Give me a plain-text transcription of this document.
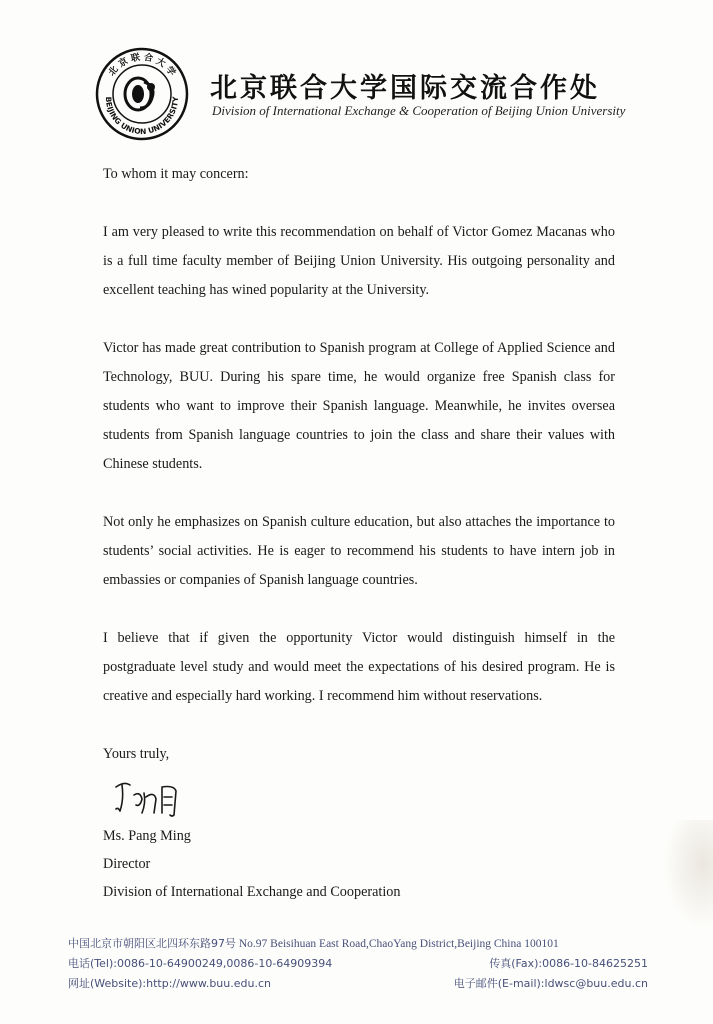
北 京 联 合 大 学
BEIJING UNION UNIVERSITY 北京联合大学国际交流合作处
Division of International Exchange & Cooperation of Beijing Union University

To whom it may concern:

I am very pleased to write this recommendation on behalf of Victor Gomez Macanas who is a full time faculty member of Beijing Union University. His outgoing personality and excellent teaching has wined popularity at the University.

Victor has made great contribution to Spanish program at College of Applied Science and Technology, BUU. During his spare time, he would organize free Spanish class for students who want to improve their Spanish language. Meanwhile, he invites oversea students from Spanish language countries to join the class and share their values with Chinese students.

Not only he emphasizes on Spanish culture education, but also attaches the importance to students’ social activities. He is eager to recommend his students to have intern job in embassies or companies of Spanish language countries.

I believe that if given the opportunity Victor would distinguish himself in the postgraduate level study and would meet the expectations of his desired program. He is creative and especially hard working. I recommend him without reservations.

Yours truly,

Ms. Pang Ming
Director
Division of International Exchange and Cooperation
中国北京市朝阳区北四环东路97号 No.97 Beisihuan East Road,ChaoYang District,Beijing China 100101
电话(Tel):0086-10-64900249,0086-10-64909394	传真(Fax):0086-10-84625251
网址(Website):http://www.buu.edu.cn	电子邮件(E-mail):ldwsc@buu.edu.cn
